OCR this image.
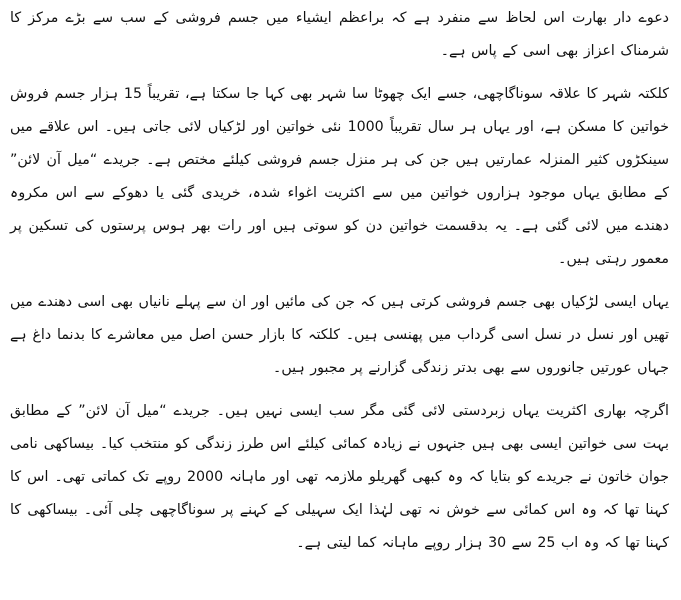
دعوے دار بھارت اس لحاظ سے منفرد ہے کہ براعظم ایشیاء میں جسم فروشی کے سب سے بڑے مرکز کا شرمناک اعزاز بھی اسی کے پاس ہے۔

کلکتہ شہر کا علاقہ سوناگاچھی، جسے ایک چھوٹا سا شہر بھی کہا جا سکتا ہے، تقریباً 15 ہزار جسم فروش خواتین کا مسکن ہے، اور یہاں ہر سال تقریباً 1000 نئی خواتین اور لڑکیاں لائی جاتی ہیں۔ اس علاقے میں سینکڑوں کثیر المنزلہ عمارتیں ہیں جن کی ہر منزل جسم فروشی کیلئے مختص ہے۔ جریدے “میل آن لائن” کے مطابق یہاں موجود ہزاروں خواتین میں سے اکثریت اغواء شدہ، خریدی گئی یا دھوکے سے اس مکروہ دھندے میں لائی گئی ہے۔ یہ بدقسمت خواتین دن کو سوتی ہیں اور رات بھر ہوس پرستوں کی تسکین پر معمور رہتی ہیں۔

یہاں ایسی لڑکیاں بھی جسم فروشی کرتی ہیں کہ جن کی مائیں اور ان سے پہلے نانیاں بھی اسی دھندے میں تھیں اور نسل در نسل اسی گرداب میں پھنسی ہیں۔ کلکتہ کا بازار حسن اصل میں معاشرے کا بدنما داغ ہے جہاں عورتیں جانوروں سے بھی بدتر زندگی گزارنے پر مجبور ہیں۔

اگرچہ بھاری اکثریت یہاں زبردستی لائی گئی مگر سب ایسی نہیں ہیں۔ جریدے “میل آن لائن” کے مطابق بہت سی خواتین ایسی بھی ہیں جنہوں نے زیادہ کمائی کیلئے اس طرز زندگی کو منتخب کیا۔ بیساکھی نامی جوان خاتون نے جریدے کو بتایا کہ وہ کبھی گھریلو ملازمہ تھی اور ماہانہ 2000 روپے تک کماتی تھی۔ اس کا کہنا تھا کہ وہ اس کمائی سے خوش نہ تھی لہٰذا ایک سہیلی کے کہنے پر سوناگاچھی چلی آئی۔ بیساکھی کا کہنا تھا کہ وہ اب 25 سے 30 ہزار روپے ماہانہ کما لیتی ہے۔
